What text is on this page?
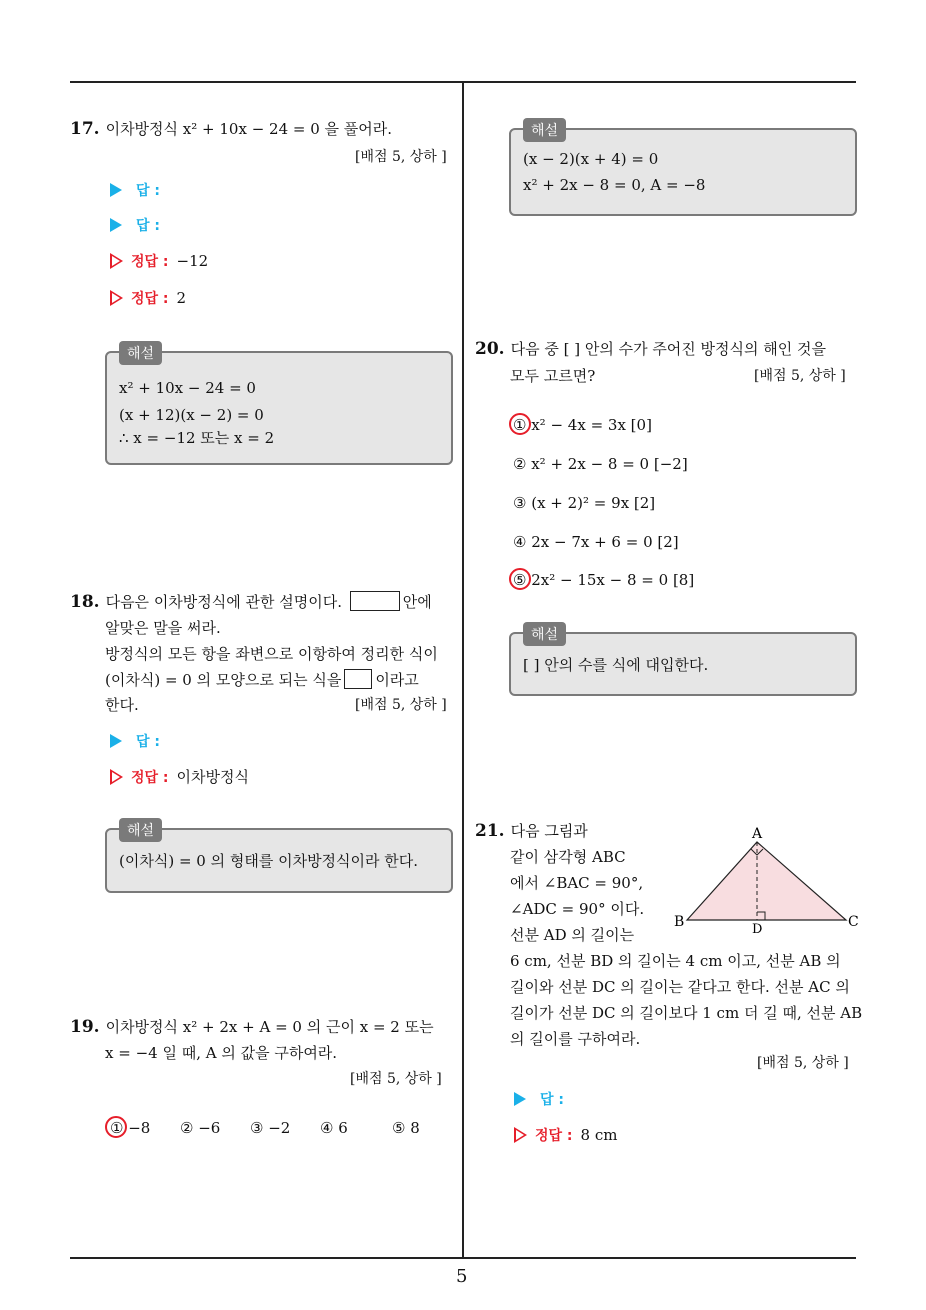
5
17. 이차방정식 x² + 10x − 24 = 0 을 풀어라.
[배점 5, 상하 ]
답 :
답 :
정답 : −12
정답 : 2
해설
x² + 10x − 24 = 0
(x + 12)(x − 2) = 0
∴ x = −12 또는 x = 2
18. 다음은 이차방정식에 관한 설명이다.	안에
알맞은 말을 써라.
방정식의 모든 항을 좌변으로 이항하여 정리한 식이
(이차식) = 0 의 모양으로 되는 식을 이라고
한다.	[배점 5, 상하 ]
답 :
정답 : 이차방정식
해설
(이차식) = 0 의 형태를 이차방정식이라 한다.
19. 이차방정식 x² + 2x + A = 0 의 근이 x = 2 또는
x = −4 일 때, A 의 값을 구하여라.
[배점 5, 상하 ]
① −8 ② −6 ③ −2 ④ 6	⑤ 8
해설
(x − 2)(x + 4) = 0
x² + 2x − 8 = 0, A = −8
20. 다음 중 [ ] 안의 수가 주어진 방정식의 해인 것을
모두 고르면?	[배점 5, 상하 ]
① x² − 4x = 3x [0]
② x² + 2x − 8 = 0 [−2]
③ (x + 2)² = 9x [2]
④ 2x − 7x + 6 = 0 [2]
⑤ 2x² − 15x − 8 = 0 [8]
해설
[ ] 안의 수를 식에 대입한다.
21. 다음 그림과
같이 삼각형 ABC
에서 ∠BAC = 90°,
∠ADC = 90° 이다.
선분 AD 의 길이는
6 cm, 선분 BD 의 길이는 4 cm 이고, 선분 AB 의
길이와 선분 DC 의 길이는 같다고 한다. 선분 AC 의
길이가 선분 DC 의 길이보다 1 cm 더 길 때, 선분 AB
의 길이를 구하여라.
[배점 5, 상하 ]
A
B	C
D
답 :
정답 : 8 cm
